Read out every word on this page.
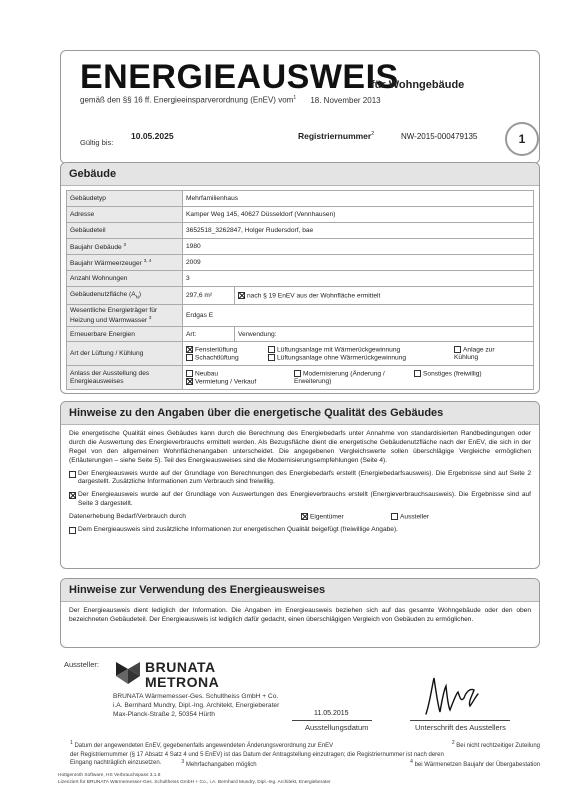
ENERGIEAUSWEIS
für Wohngebäude
gemäß den §§ 16 ff. Energieeinsparverordnung (EnEV) vom$^1$ 18. November 2013
Gültig bis:
10.05.2025	Registriernummer$^2$	NW-2015-000479135	1
Gebäude
Gebäudetyp	Mehrfamilienhaus	
Adresse	Kamper Weg 145, 40627 Düsseldorf (Vennhausen)	
Gebäudeteil	3652518_3262847, Holger Rudersdorf, bae	
Baujahr Gebäude $^3$	1980	
Baujahr Wärmeerzeuger $^{3, 4}$	2009	
Anzahl Wohnungen	3	
Gebäudenutzfläche $(A_N)$	297,6 m²	nach § 19 EnEV aus der Wohnfläche ermittelt
Wesentliche Energieträger für Heizung und Warmwasser $^3$	Erdgas E	
Erneuerbare Energien	Art:	Verwendung:
Art der Lüftung / Kühlung	Fensterlüftung
Schachtlüftung
Lüftungsanlage mit Wärmerückgewinnung
Lüftungsanlage ohne Wärmerückgewinnung
Anlage zur Kühlung	

Anlass der Ausstellung des Energieausweises	Neubau
Vermietung / Verkauf
Modernisierung (Änderung / Erweiterung)
Sonstiges (freiwillig)	
Hinweise zu den Angaben über die energetische Qualität des Gebäudes
Die energetische Qualität eines Gebäudes kann durch die Berechnung des Energiebedarfs unter Annahme von standardisierten Randbedingungen oder durch die Auswertung des Energieverbrauchs ermittelt werden. Als Bezugsfläche dient die energetische Gebäudenutzfläche nach der EnEV, die sich in der Regel von den allgemeinen Wohnflächenangaben unterscheidet. Die angegebenen Vergleichswerte sollen überschlägige Vergleiche ermöglichen (Erläuterungen – siehe Seite 5). Teil des Energieausweises sind die Modernisierungsempfehlungen (Seite 4).
Der Energieausweis wurde auf der Grundlage von Berechnungen des Energiebedarfs erstellt (Energiebedarfsausweis). Die Ergebnisse sind auf Seite 2 dargestellt. Zusätzliche Informationen zum Verbrauch sind freiwillig.
Der Energieausweis wurde auf der Grundlage von Auswertungen des Energieverbrauchs erstellt (Energieverbrauchsausweis). Die Ergebnisse sind auf Seite 3 dargestellt.
Datenerhebung Bedarf/Verbrauch durch	Eigentümer	Aussteller
Dem Energieausweis sind zusätzliche Informationen zur energetischen Qualität beigefügt (freiwillige Angabe).
Hinweise zur Verwendung des Energieausweises
Der Energieausweis dient lediglich der Information. Die Angaben im Energieausweis beziehen sich auf das gesamte Wohngebäude oder den oben bezeichneten Gebäudeteil. Der Energieausweis ist lediglich dafür gedacht, einen überschlägigen Vergleich von Gebäuden zu ermöglichen.
Aussteller:	BRUNATA
METRONA
BRUNATA Wärmemesser-Ges. Schultheiss GmbH + Co.
i.A. Bernhard Mundry, Dipl.-Ing. Architekt, Energieberater
Max-Planck-Straße 2, 50354 Hürth	11.05.2015
Ausstellungsdatum	Unterschrift des Ausstellers
$^1$ Datum der angewendeten EnEV, gegebenenfalls angewendeten Änderungsverordnung zur EnEV	$^2$ Bei nicht rechtzeitiger Zuteilung
der Registriernummer (§ 17 Absatz 4 Satz 4 und 5 EnEV) ist das Datum der Antragstellung einzutragen; die Registriernummer ist nach deren
Eingang nachträglich einzusetzen.	$^3$ Mehrfachangaben möglich	$^4$ bei Wärmenetzen Baujahr der Übergabestation
Hottgenroth Software, HS Verbrauchspass 3.1.8
Lizenziert für BRUNATA Wärmemesser-Ges. Schultheiss GmbH + Co., i.A. Bernhard Mundry, Dipl.-Ing. Architekt, Energieberater
